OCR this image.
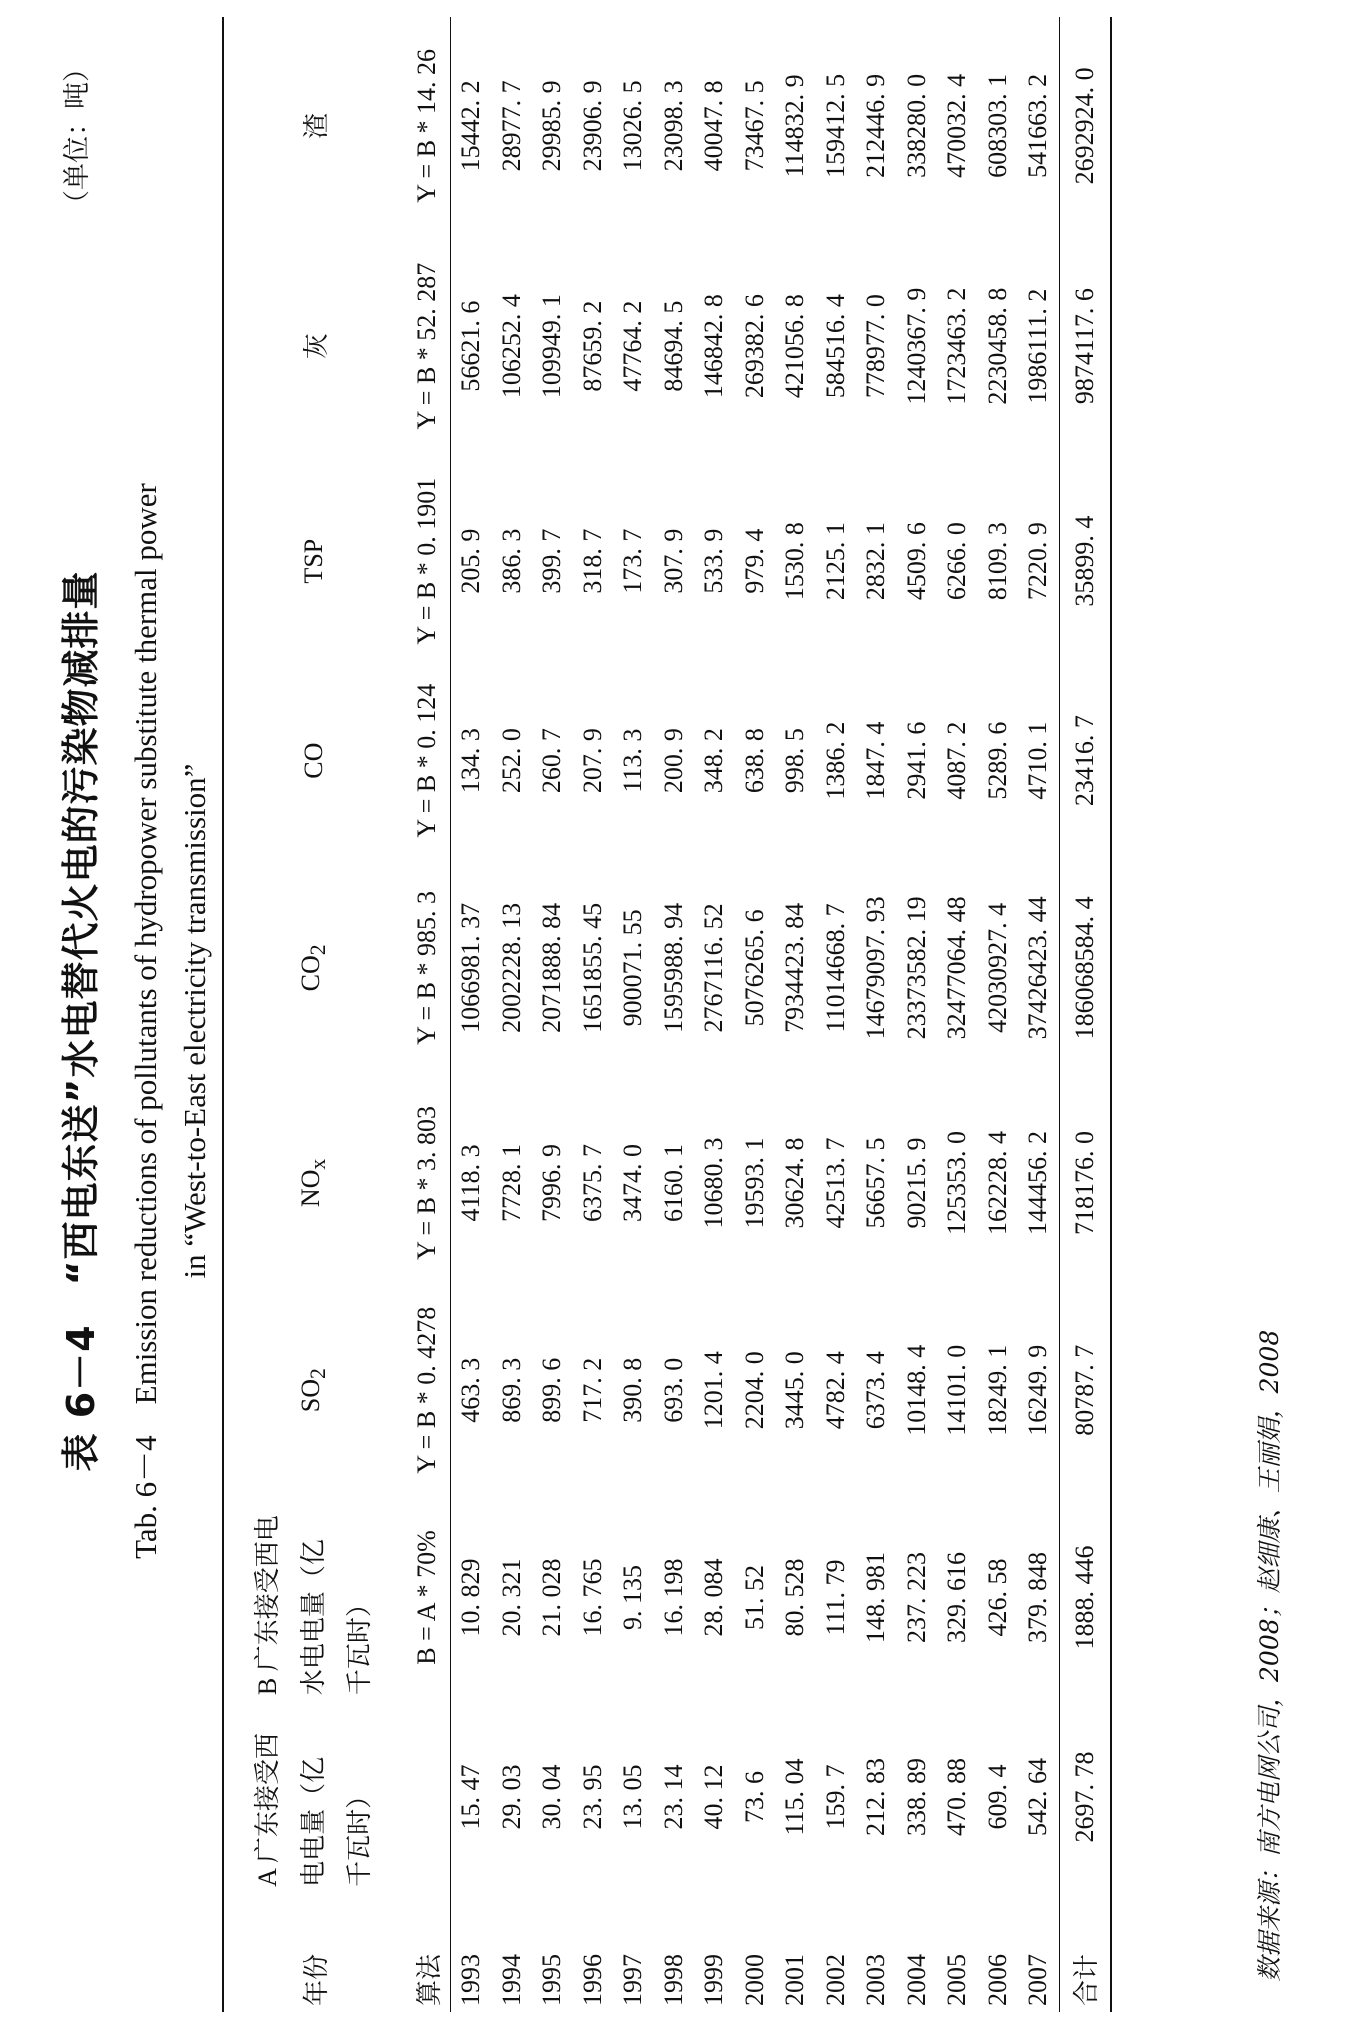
表 6－4　“西电东送”水电替代火电的污染物减排量
（单位：吨）
Tab. 6－4　Emission reductions of pollutants of hydropower substitute thermal power in “West-to-East electricity transmission”
年份	A 广东接受西 电电量（亿 千瓦时）	B 广东接受西电 水电电量（亿 千瓦时）	$SO_2$	$NO_x$	$CO_2$	CO	TSP	灰	渣
算法		B = A * 70%	Y = B * 0. 4278	Y = B * 3. 803	Y = B * 985. 3	Y = B * 0. 124	Y = B * 0. 1901	Y = B * 52. 287	Y = B * 14. 26
1993	15. 47	10. 829	463. 3	4118. 3	1066981. 37	134. 3	205. 9	56621. 6	15442. 2
1994	29. 03	20. 321	869. 3	7728. 1	2002228. 13	252. 0	386. 3	106252. 4	28977. 7
1995	30. 04	21. 028	899. 6	7996. 9	2071888. 84	260. 7	399. 7	109949. 1	29985. 9
1996	23. 95	16. 765	717. 2	6375. 7	1651855. 45	207. 9	318. 7	87659. 2	23906. 9
1997	13. 05	9. 135	390. 8	3474. 0	900071. 55	113. 3	173. 7	47764. 2	13026. 5
1998	23. 14	16. 198	693. 0	6160. 1	1595988. 94	200. 9	307. 9	84694. 5	23098. 3
1999	40. 12	28. 084	1201. 4	10680. 3	2767116. 52	348. 2	533. 9	146842. 8	40047. 8
2000	73. 6	51. 52	2204. 0	19593. 1	5076265. 6	638. 8	979. 4	269382. 6	73467. 5
2001	115. 04	80. 528	3445. 0	30624. 8	7934423. 84	998. 5	1530. 8	421056. 8	114832. 9
2002	159. 7	111. 79	4782. 4	42513. 7	11014668. 7	1386. 2	2125. 1	584516. 4	159412. 5
2003	212. 83	148. 981	6373. 4	56657. 5	14679097. 93	1847. 4	2832. 1	778977. 0	212446. 9
2004	338. 89	237. 223	10148. 4	90215. 9	23373582. 19	2941. 6	4509. 6	1240367. 9	338280. 0
2005	470. 88	329. 616	14101. 0	125353. 0	32477064. 48	4087. 2	6266. 0	1723463. 2	470032. 4
2006	609. 4	426. 58	18249. 1	162228. 4	42030927. 4	5289. 6	8109. 3	2230458. 8	608303. 1
2007	542. 64	379. 848	16249. 9	144456. 2	37426423. 44	4710. 1	7220. 9	1986111. 2	541663. 2
合计	2697. 78	1888. 446	80787. 7	718176. 0	186068584. 4	23416. 7	35899. 4	9874117. 6	2692924. 0
数据来源：南方电网公司，2008；赵细康、王丽娟，2008
